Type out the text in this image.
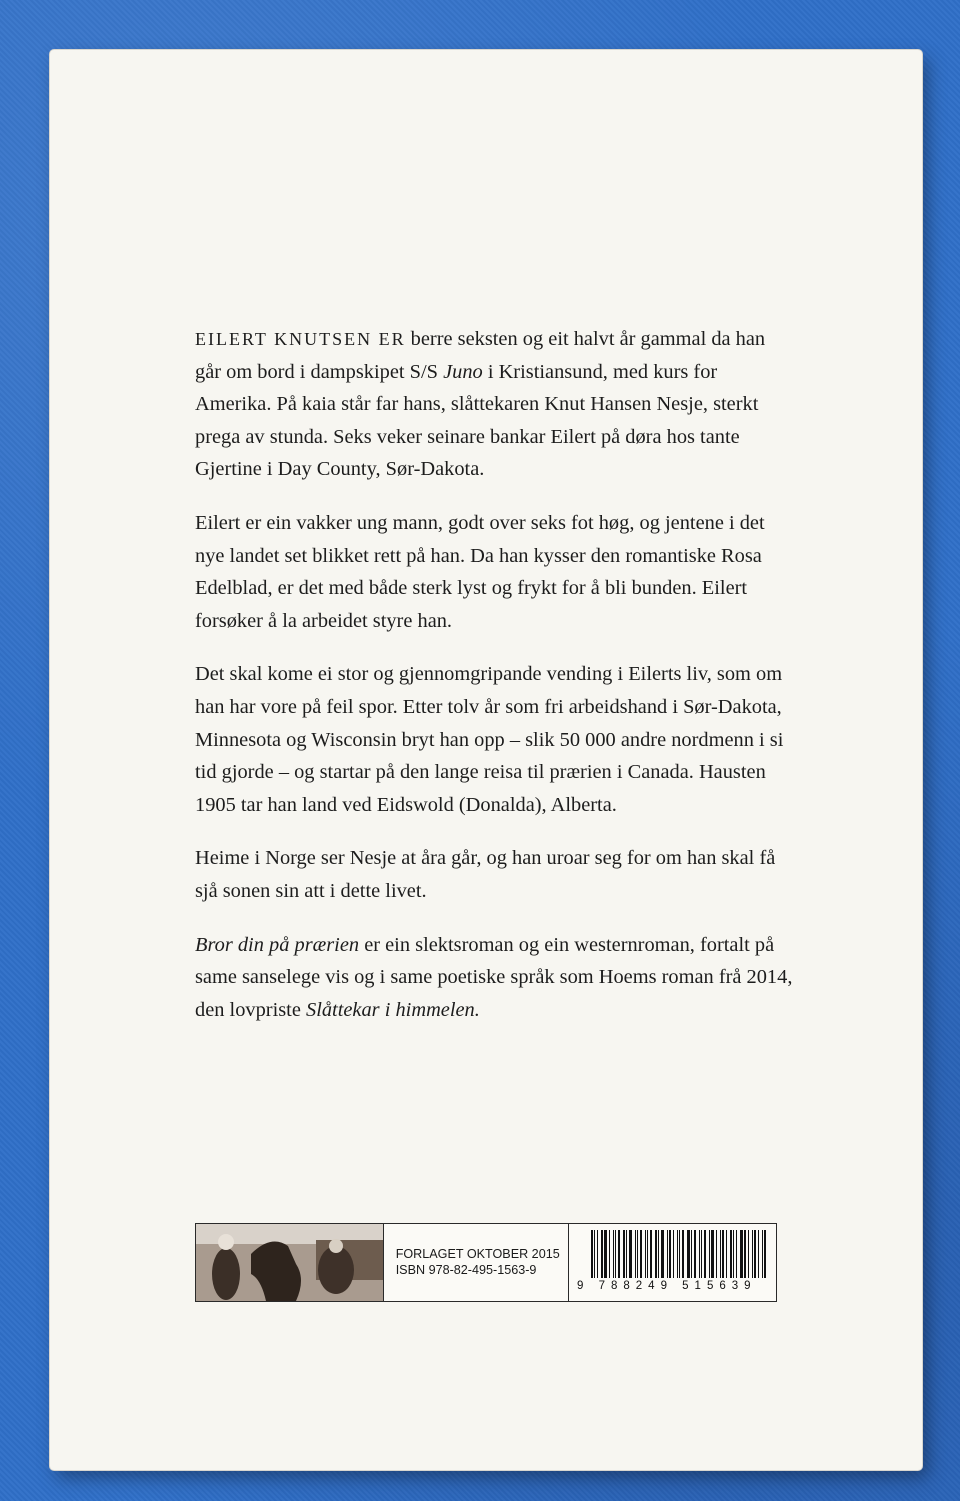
EILERT KNUTSEN ER berre seksten og eit halvt år gammal da han går om bord i dampskipet S/S Juno i Kristiansund, med kurs for Amerika. På kaia står far hans, slåttekaren Knut Hansen Nesje, sterkt prega av stunda. Seks veker seinare bankar Eilert på døra hos tante Gjertine i Day County, Sør-Dakota.

Eilert er ein vakker ung mann, godt over seks fot høg, og jentene i det nye landet set blikket rett på han. Da han kysser den romantiske Rosa Edelblad, er det med både sterk lyst og frykt for å bli bunden. Eilert forsøker å la arbeidet styre han.

Det skal kome ei stor og gjennomgripande vending i Eilerts liv, som om han har vore på feil spor. Etter tolv år som fri arbeidshand i Sør-Dakota, Minnesota og Wisconsin bryt han opp – slik 50 000 andre nordmenn i si tid gjorde – og startar på den lange reisa til prærien i Canada. Hausten 1905 tar han land ved Eidswold (Donalda), Alberta.

Heime i Norge ser Nesje at åra går, og han uroar seg for om han skal få sjå sonen sin att i dette livet.

Bror din på prærien er ein slektsroman og ein westernroman, fortalt på same sanselege vis og i same poetiske språk som Hoems roman frå 2014, den lovpriste Slåttekar i himmelen.

FORLAGET OKTOBER 2015
ISBN 978-82-495-1563-9
9 788249 515639
